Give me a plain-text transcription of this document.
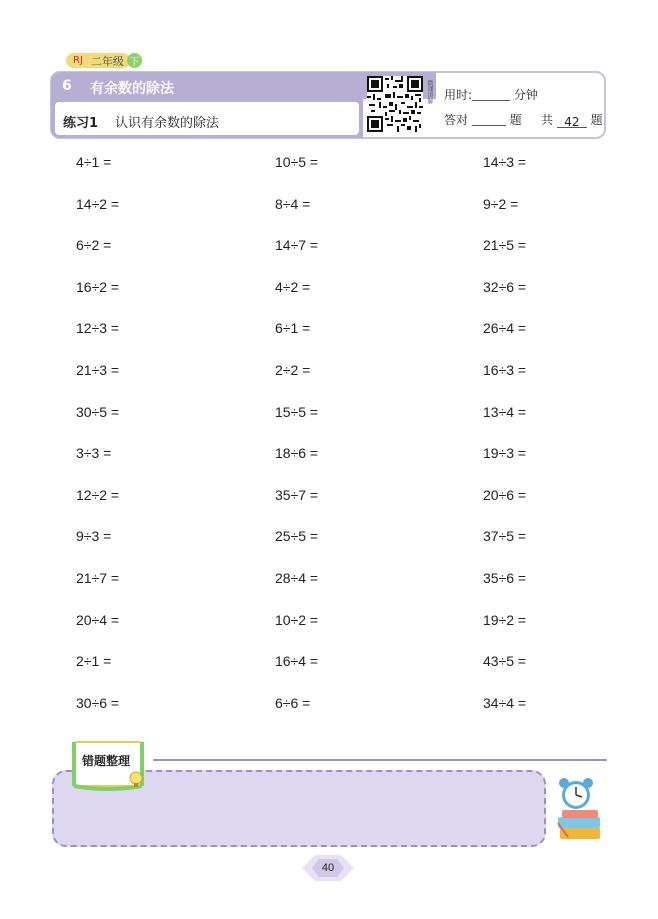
RJ 二年级 下
6 有余数的除法
练习1 认识有余数的除法
微课讲解 用时:	分钟
答对	题 共 42 题
4÷1 =	10÷5 =	14÷3 =
14÷2 =	8÷4 =	9÷2 =
6÷2 =	14÷7 =	21÷5 =
16÷2 =	4÷2 =	32÷6 =
12÷3 =	6÷1 =	26÷4 =
21÷3 =	2÷2 =	16÷3 =
30÷5 =	15÷5 =	13÷4 =
3÷3 =	18÷6 =	19÷3 =
12÷2 =	35÷7 =	20÷6 =
9÷3 =	25÷5 =	37÷5 =
21÷7 =	28÷4 =	35÷6 =
20÷4 =	10÷2 =	19÷2 =
2÷1 =	16÷4 =	43÷5 =
30÷6 =	6÷6 =	34÷4 =
错题整理
40
